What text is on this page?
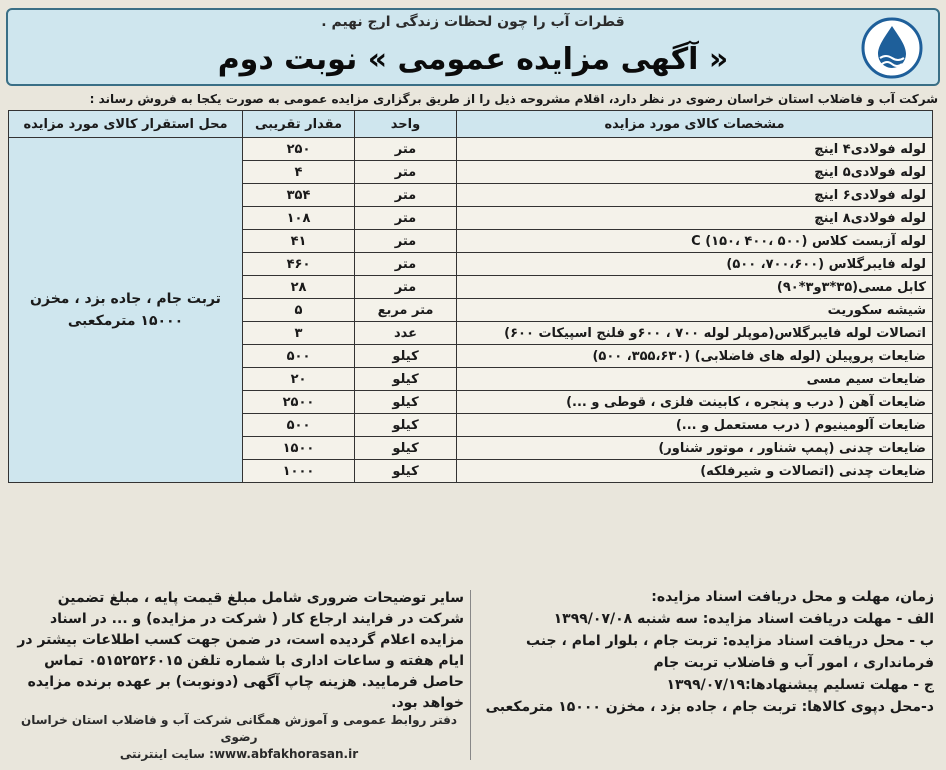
قطرات آب را چون لحظات زندگی ارج نهیم .
« آگهی مزایده عمومی » نوبت دوم
شرکت آب و فاضلاب استان خراسان رضوی در نظر دارد، اقلام مشروحه ذیل را از طریق برگزاری مزایده عمومی به صورت یکجا به فروش رساند :
مشخصات کالای مورد مزایده	واحد	مقدار تقریبی	محل استقرار کالای مورد مزایده
لوله فولادی۴ اینچ	متر	۲۵۰	تربت جام ، جاده بزد ، مخزن ۱۵۰۰۰ مترمکعبی
لوله فولادی۵ اینچ	متر	۴	
لوله فولادی۶ اینچ	متر	۳۵۴	
لوله فولادی۸ اینچ	متر	۱۰۸	
لوله آزبست کلاس C (۱۵۰، ۴۰۰، ۵۰۰)	متر	۴۱	
لوله فایبرگلاس (۷۰۰،۶۰۰، ۵۰۰)	متر	۴۶۰	
کابل مسی(۳۵*۳و۳*۹۰)	متر	۲۸	
شیشه سکوریت	متر مربع	۵	
اتصالات لوله فایبرگلاس(موپلر لوله ۷۰۰ ، ۶۰۰و فلنج اسپیکات ۶۰۰)	عدد	۳	
ضایعات پروپیلن (لوله های فاضلابی) (۳۵۵،۶۳۰، ۵۰۰)	کیلو	۵۰۰	
ضایعات سیم مسی	کیلو	۲۰	
ضایعات آهن ( درب و پنجره ، کابینت فلزی ، قوطی و ...)	کیلو	۲۵۰۰	
ضایعات آلومینیوم ( درب مستعمل و ...)	کیلو	۵۰۰	
ضایعات چدنی (پمپ شناور ، موتور شناور)	کیلو	۱۵۰۰	
ضایعات چدنی (اتصالات و شیرفلکه)	کیلو	۱۰۰۰	

زمان، مهلت و محل دریافت اسناد مزایده:

الف - مهلت دریافت اسناد مزایده: سه شنبه ۱۳۹۹/۰۷/۰۸

ب - محل دریافت اسناد مزایده: تربت جام ، بلوار امام ، جنب فرمانداری ، امور آب و فاضلاب تربت جام

ج - مهلت تسلیم پیشنهادها:۱۳۹۹/۰۷/۱۹

د-محل دپوی کالاها: تربت جام ، جاده بزد ، مخزن ۱۵۰۰۰ مترمکعبی

سایر توضیحات ضروری شامل مبلغ قیمت پایه ، مبلغ تضمین شرکت در فرایند ارجاع کار ( شرکت در مزایده) و ... در اسناد مزایده اعلام گردیده است، در ضمن جهت کسب اطلاعات بیشتر در ایام هفته و ساعات اداری با شماره تلفن ۰۵۱۵۲۵۲۶۰۱۵ تماس حاصل فرمایید. هزینه چاپ آگهی (دونوبت) بر عهده برنده مزایده خواهد بود.

دفتر روابط عمومی و آموزش همگانی شرکت آب و فاضلاب استان خراسان رضوی
www.abfakhorasan.ir: سایت اینترنتی
